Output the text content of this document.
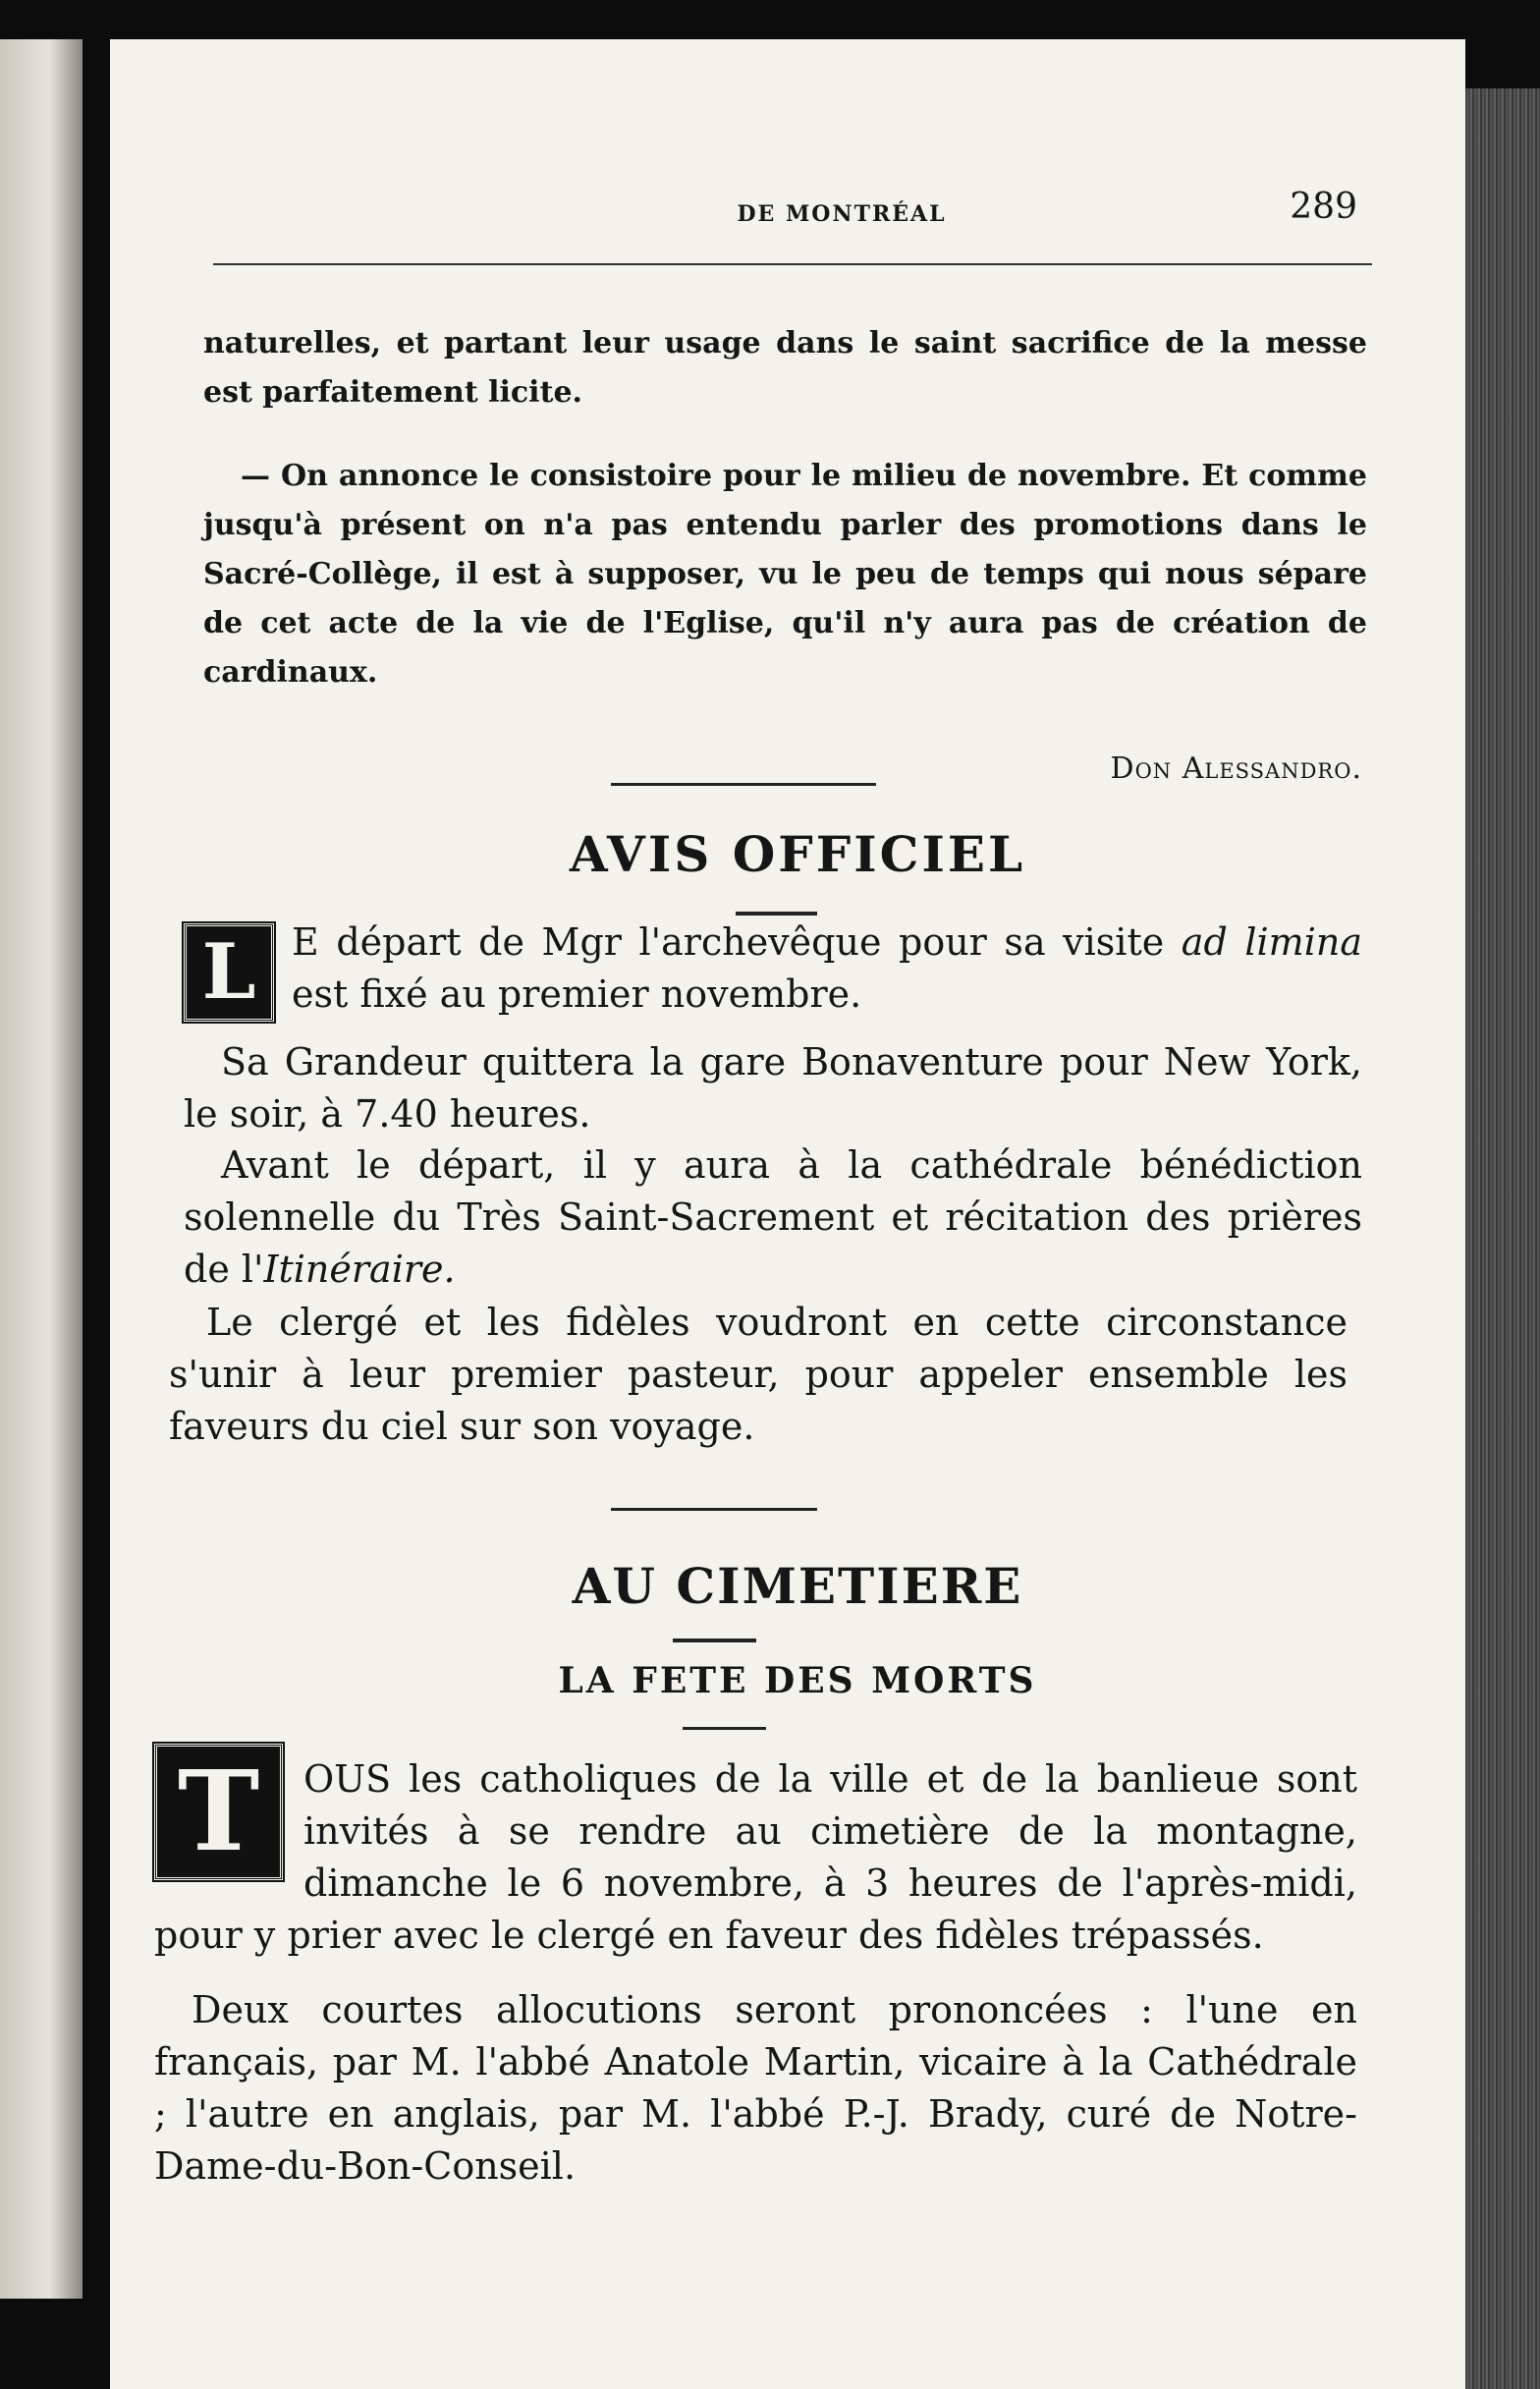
DE MONTRÉAL	289

naturelles, et partant leur usage dans le saint sacrifice de la messe est parfaitement licite.

— On annonce le consistoire pour le milieu de novembre. Et comme jusqu'à présent on n'a pas entendu parler des promotions dans le Sacré-Collège, il est à supposer, vu le peu de temps qui nous sépare de cet acte de la vie de l'Eglise, qu'il n'y aura pas de création de cardinaux.

Don Alessandro.
AVIS OFFICIEL
L E départ de Mgr l'archevêque pour sa visite ad limina est fixé au premier novembre.

Sa Grandeur quittera la gare Bonaventure pour New York, le soir, à 7.40 heures.

Avant le départ, il y aura à la cathédrale bénédiction solennelle du Très Saint-Sacrement et récitation des prières de l'Itinéraire.

Le clergé et les fidèles voudront en cette circonstance s'unir à leur premier pasteur, pour appeler ensemble les faveurs du ciel sur son voyage.

AU CIMETIERE
LA FETE DES MORTS
T	OUS les catholiques de la ville et de la banlieue sont invités à se rendre au cimetière de la montagne, dimanche le 6 novembre, à 3 heures de l'après-midi, pour y prier avec le clergé en faveur des fidèles trépassés.

Deux courtes allocutions seront prononcées : l'une en français, par M. l'abbé Anatole Martin, vicaire à la Cathédrale ; l'autre en anglais, par M. l'abbé P.-J. Brady, curé de Notre-Dame-du-Bon-Conseil.
